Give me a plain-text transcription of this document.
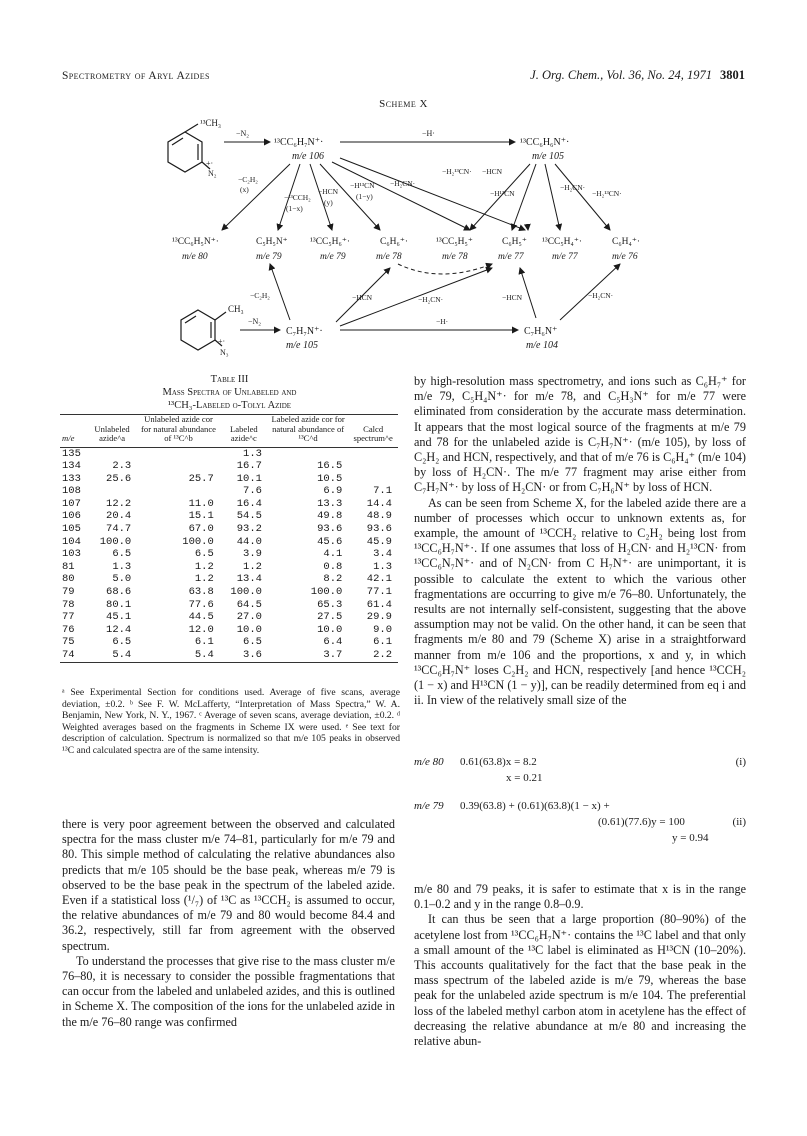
Spectrometry of Aryl Azides	J. Org. Chem., Vol. 36, No. 24, 1971 3801
Scheme X
¹³CH₃
+·
N₂
−N₂
¹³CC₆H₇N⁺·
m/e 106
−H·
¹³CC₆H₆N⁺·
m/e 105
−C₂H₂
(x)
−¹³CCH₂
(1−x)
−HCN
(y)
−H¹³CN
(1−y)
−H₂CN·
−H₂¹³CN· −HCN
−H¹³CN
−H₂CN·
−H₂¹³CN·
¹³CC₆H₅N⁺·
m/e 80
C₅H₅N⁺
m/e 79
¹³CC₅H₆⁺·
m/e 79
C₆H₆⁺·
m/e 78
¹³CC₅H₅⁺
m/e 78
C₆H₅⁺
m/e 77
¹³CC₅H₄⁺·
m/e 77
C₆H₄⁺·
m/e 76
CH₃
+·
N₃
−N₂
−C₂H₂	−HCN	−H₂CN·
−H·
−HCN	−H₂CN·
C₇H₇N⁺·
m/e 105
C₇H₆N⁺
m/e 104
Table III
Mass Spectra of Unlabeled and
¹³CH₃-Labeled o-Tolyl Azide
m/e	Unlabeled azide^a	Unlabeled azide cor for natural abundance of ¹³C^b	Labeled azide^c	Labeled azide cor for natural abundance of ¹³C^d	Calcd spectrum^e
135			1.3		
134	2.3		16.7	16.5	
133	25.6	25.7	10.1	10.5	
108			7.6	6.9	7.1
107	12.2	11.0	16.4	13.3	14.4
106	20.4	15.1	54.5	49.8	48.9
105	74.7	67.0	93.2	93.6	93.6
104	100.0	100.0	44.0	45.6	45.9
103	6.5	6.5	3.9	4.1	3.4
81	1.3	1.2	1.2	0.8	1.3
80	5.0	1.2	13.4	8.2	42.1
79	68.6	63.8	100.0	100.0	77.1
78	80.1	77.6	64.5	65.3	61.4
77	45.1	44.5	27.0	27.5	29.9
76	12.4	12.0	10.0	10.0	9.0
75	6.5	6.1	6.5	6.4	6.1
74	5.4	5.4	3.6	3.7	2.2
ᵃ See Experimental Section for conditions used. Average of five scans, average deviation, ±0.2. ᵇ See F. W. McLafferty, “Interpretation of Mass Spectra,” W. A. Benjamin, New York, N. Y., 1967. ᶜ Average of seven scans, average deviation, ±0.2. ᵈ Weighted averages based on the fragments in Scheme IX were used. ᵉ See text for description of calculation. Spectrum is normalized so that m/e 105 peaks in observed ¹³C and calculated spectra are of the same intensity.

there is very poor agreement between the observed and calculated spectra for the mass cluster m/e 74–81, particularly for m/e 79 and 80. This simple method of calculating the relative abundances also predicts that m/e 105 should be the base peak, whereas m/e 79 is observed to be the base peak in the spectrum of the labeled azide. Even if a statistical loss (¹/₇) of ¹³C as ¹³CCH₂ is assumed to occur, the relative abundances of m/e 79 and 80 would become 84.4 and 36.2, respectively, still far from agreement with the observed spectrum.

To understand the processes that give rise to the mass cluster m/e 76–80, it is necessary to consider the possible fragmentations that can occur from the labeled and unlabeled azides, and this is outlined in Scheme X. The composition of the ions for the unlabeled azide in the m/e 76–80 range was confirmed

by high-resolution mass spectrometry, and ions such as C₆H₇⁺ for m/e 79, C₅H₄N⁺· for m/e 78, and C₅H₃N⁺ for m/e 77 were eliminated from consideration by the accurate mass determination. It appears that the most logical source of the fragments at m/e 79 and 78 for the unlabeled azide is C₇H₇N⁺· (m/e 105), by loss of C₂H₂ and HCN, respectively, and that of m/e 76 is C₆H₄⁺ (m/e 104) by loss of H₂CN·. The m/e 77 fragment may arise either from C₇H₇N⁺· by loss of H₂CN· or from C₇H₆N⁺ by loss of HCN.

As can be seen from Scheme X, for the labeled azide there are a number of processes which occur to unknown extents as, for example, the amount of ¹³CCH₂ relative to C₂H₂ being lost from ¹³CC₆H₇N⁺·. If one assumes that loss of H₂CN· and H₂¹³CN· from ¹³CC₆N₇N⁺· and of N₂CN· from C H₇N⁺· are unimportant, it is possible to calculate the extent to which the various other fragmentations are occurring to give m/e 76–80. Unfortunately, the results are not internally self-consistent, suggesting that the above assumption may not be valid. On the other hand, it can be seen that fragments m/e 80 and 79 (Scheme X) arise in a straightforward manner from m/e 106 and the proportions, x and y, in which ¹³CC₆H₇N⁺ loses C₂H₂ and HCN, respectively [and hence ¹³CCH₂ (1 − x) and H¹³CN (1 − y)], can be readily determined from eq i and ii. In view of the relatively small size of the

m/e 80 0.61(63.8)x = 8.2	(i)
x = 0.21
m/e 79 0.39(63.8) + (0.61)(63.8)(1 − x) +
(0.61)(77.6)y = 100	(ii)
y = 0.94

m/e 80 and 79 peaks, it is safer to estimate that x is in the range 0.1–0.2 and y in the range 0.8–0.9.

It can thus be seen that a large proportion (80–90%) of the acetylene lost from ¹³CC₆H₇N⁺· contains the ¹³C label and that only a small amount of the ¹³C label is eliminated as H¹³CN (10–20%). This accounts qualitatively for the fact that the base peak in the mass spectrum of the labeled azide is m/e 79, whereas the base peak for the unlabeled azide spectrum is m/e 104. The preferential loss of the labeled methyl carbon atom in acetylene has the effect of decreasing the relative abundance at m/e 80 and increasing the relative abun-
